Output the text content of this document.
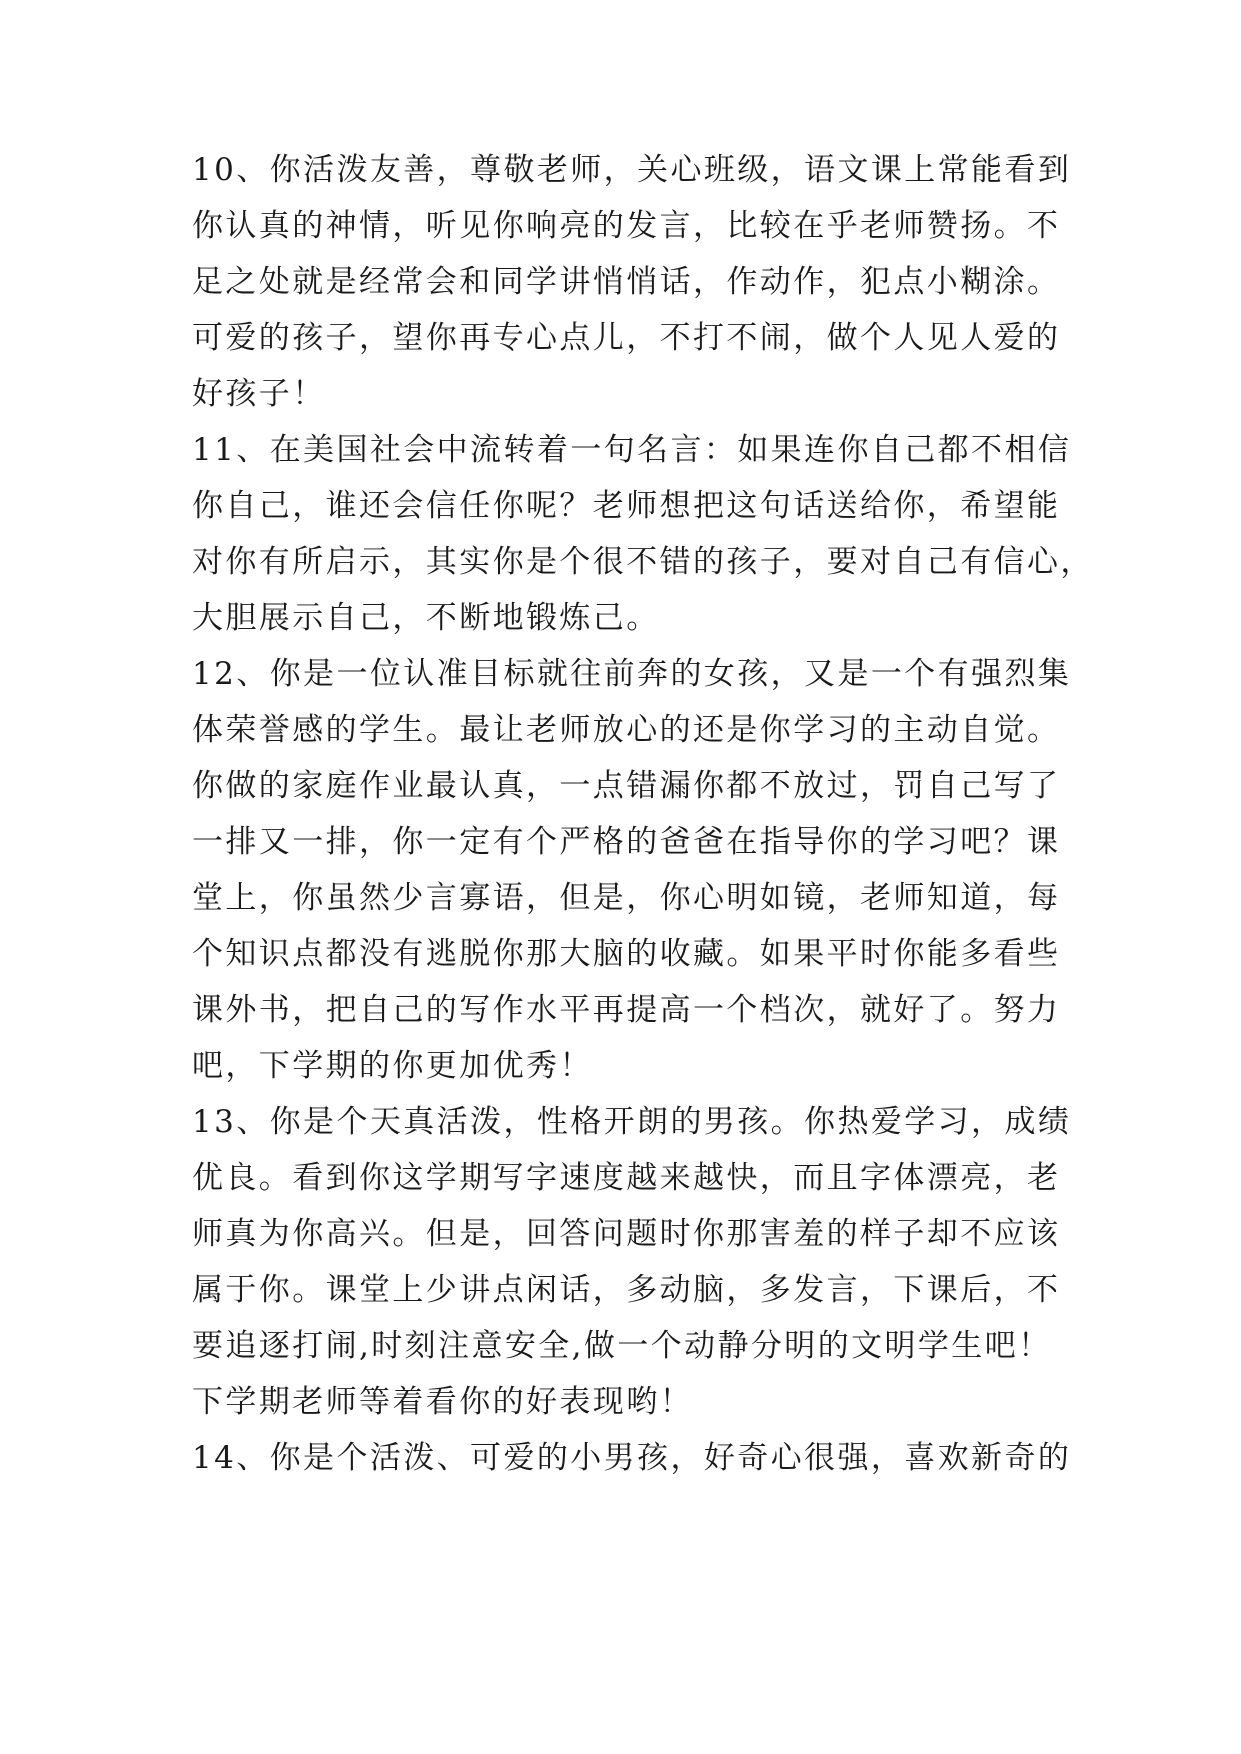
10、你活泼友善，尊敬老师，关心班级，语文课上常能看到
你认真的神情，听见你响亮的发言，比较在乎老师赞扬。不
足之处就是经常会和同学讲悄悄话，作动作，犯点小糊涂。
可爱的孩子，望你再专心点儿，不打不闹，做个人见人爱的
好孩子！
11、在美国社会中流转着一句名言：如果连你自己都不相信
你自己，谁还会信任你呢？老师想把这句话送给你，希望能
对你有所启示，其实你是个很不错的孩子，要对自己有信心，
大胆展示自己，不断地锻炼己。
12、你是一位认准目标就往前奔的女孩，又是一个有强烈集
体荣誉感的学生。最让老师放心的还是你学习的主动自觉。
你做的家庭作业最认真，一点错漏你都不放过，罚自己写了
一排又一排，你一定有个严格的爸爸在指导你的学习吧？课
堂上，你虽然少言寡语，但是，你心明如镜，老师知道，每
个知识点都没有逃脱你那大脑的收藏。如果平时你能多看些
课外书，把自己的写作水平再提高一个档次，就好了。努力
吧，下学期的你更加优秀！
13、你是个天真活泼，性格开朗的男孩。你热爱学习，成绩
优良。看到你这学期写字速度越来越快，而且字体漂亮，老
师真为你高兴。但是，回答问题时你那害羞的样子却不应该
属于你。课堂上少讲点闲话，多动脑，多发言，下课后，不
要追逐打闹,时刻注意安全,做一个动静分明的文明学生吧！
下学期老师等着看你的好表现哟！
14、你是个活泼、可爱的小男孩，好奇心很强，喜欢新奇的
